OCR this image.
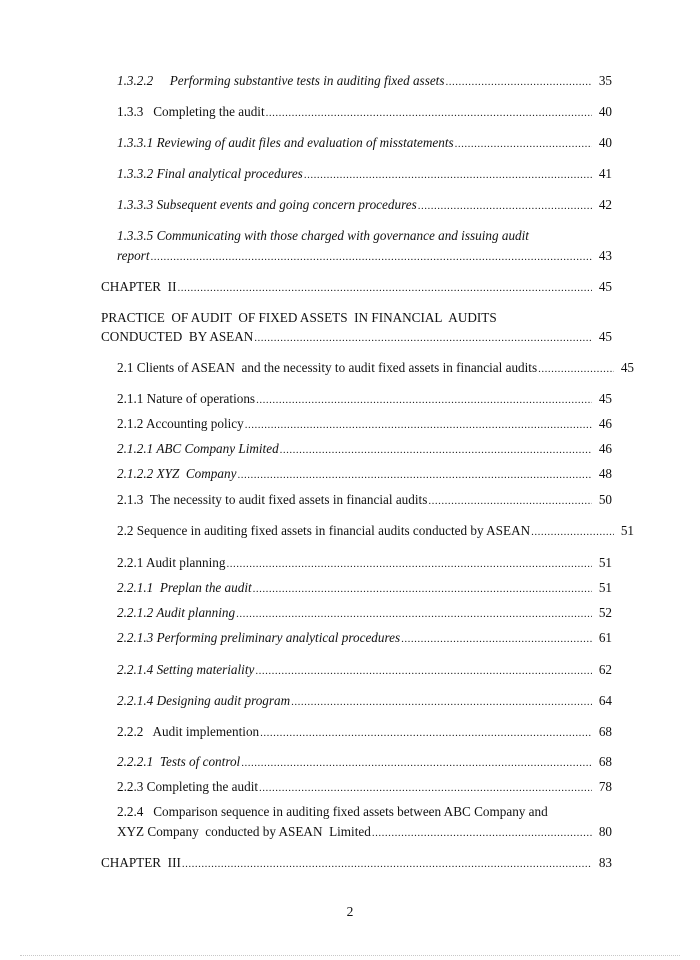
1.3.2.2     Performing substantive tests in auditing fixed assets .....	35
1.3.3   Completing the audit .....	40
1.3.3.1 Reviewing of audit files and evaluation of misstatements .....	40
1.3.3.2 Final analytical procedures .....	41
1.3.3.3 Subsequent events and going concern procedures .....	42
1.3.3.5 Communicating with those charged with governance and issuing audit
report .....	43
CHAPTER  II .....	45
PRACTICE  OF AUDIT  OF FIXED ASSETS  IN FINANCIAL  AUDITS
CONDUCTED  BY ASEAN .....	45
2.1 Clients of ASEAN  and the necessity to audit fixed assets in financial audits .....	45
2.1.1 Nature of operations .....	45
2.1.2 Accounting policy .....	46
2.1.2.1 ABC Company Limited .....	46
2.1.2.2 XYZ  Company .....	48
2.1.3  The necessity to audit fixed assets in financial audits .....	50
2.2 Sequence in auditing fixed assets in financial audits conducted by ASEAN .....	51
2.2.1 Audit planning .....	51
2.2.1.1  Preplan the audit .....	51
2.2.1.2 Audit planning .....	52
2.2.1.3 Performing preliminary analytical procedures .....	61
2.2.1.4 Setting materiality .....	62
2.2.1.4 Designing audit program .....	64
2.2.2   Audit implemention .....	68
2.2.2.1  Tests of control .....	68
2.2.3 Completing the audit .....	78
2.2.4   Comparison sequence in auditing fixed assets between ABC Company and
XYZ Company  conducted by ASEAN  Limited .....	80
CHAPTER  III .....	83
2
